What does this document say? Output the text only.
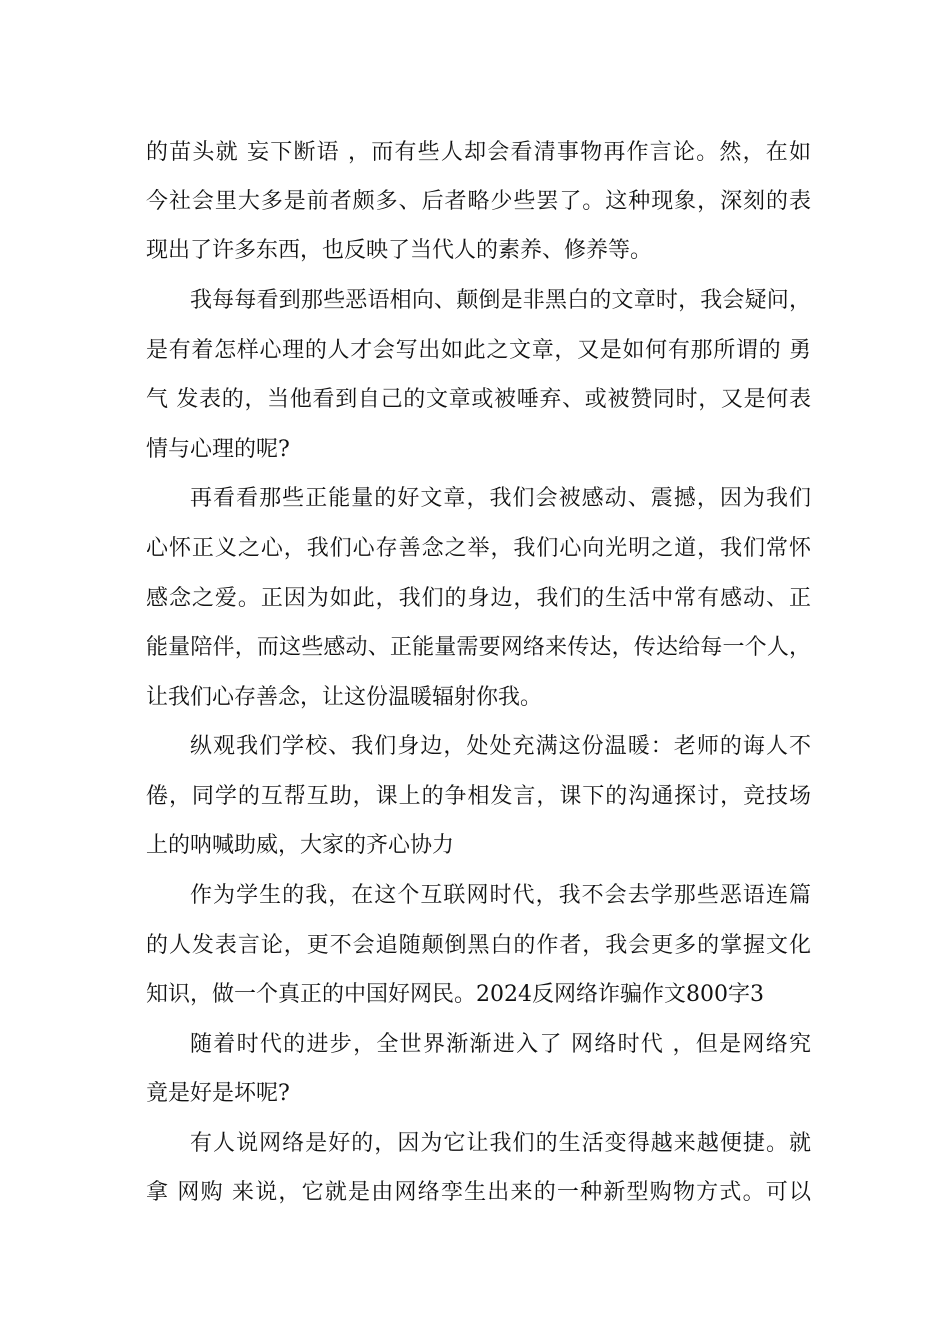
的苗头就 妄下断语 ，而有些人却会看清事物再作言论。然，在如
今社会里大多是前者颇多、后者略少些罢了。这种现象，深刻的表
现出了许多东西，也反映了当代人的素养、修养等。
我每每看到那些恶语相向、颠倒是非黑白的文章时，我会疑问，
是有着怎样心理的人才会写出如此之文章，又是如何有那所谓的 勇
气 发表的，当他看到自己的文章或被唾弃、或被赞同时，又是何表
情与心理的呢?
再看看那些正能量的好文章，我们会被感动、震撼，因为我们
心怀正义之心，我们心存善念之举，我们心向光明之道，我们常怀
感念之爱。正因为如此，我们的身边，我们的生活中常有感动、正
能量陪伴，而这些感动、正能量需要网络来传达，传达给每一个人，
让我们心存善念，让这份温暖辐射你我。
纵观我们学校、我们身边，处处充满这份温暖：老师的诲人不
倦，同学的互帮互助，课上的争相发言，课下的沟通探讨，竞技场
上的呐喊助威，大家的齐心协力
作为学生的我，在这个互联网时代，我不会去学那些恶语连篇
的人发表言论，更不会追随颠倒黑白的作者，我会更多的掌握文化
知识，做一个真正的中国好网民。2024反网络诈骗作文800字3
随着时代的进步，全世界渐渐进入了 网络时代 ，但是网络究
竟是好是坏呢?
有人说网络是好的，因为它让我们的生活变得越来越便捷。就
拿 网购 来说，它就是由网络孪生出来的一种新型购物方式。可以
